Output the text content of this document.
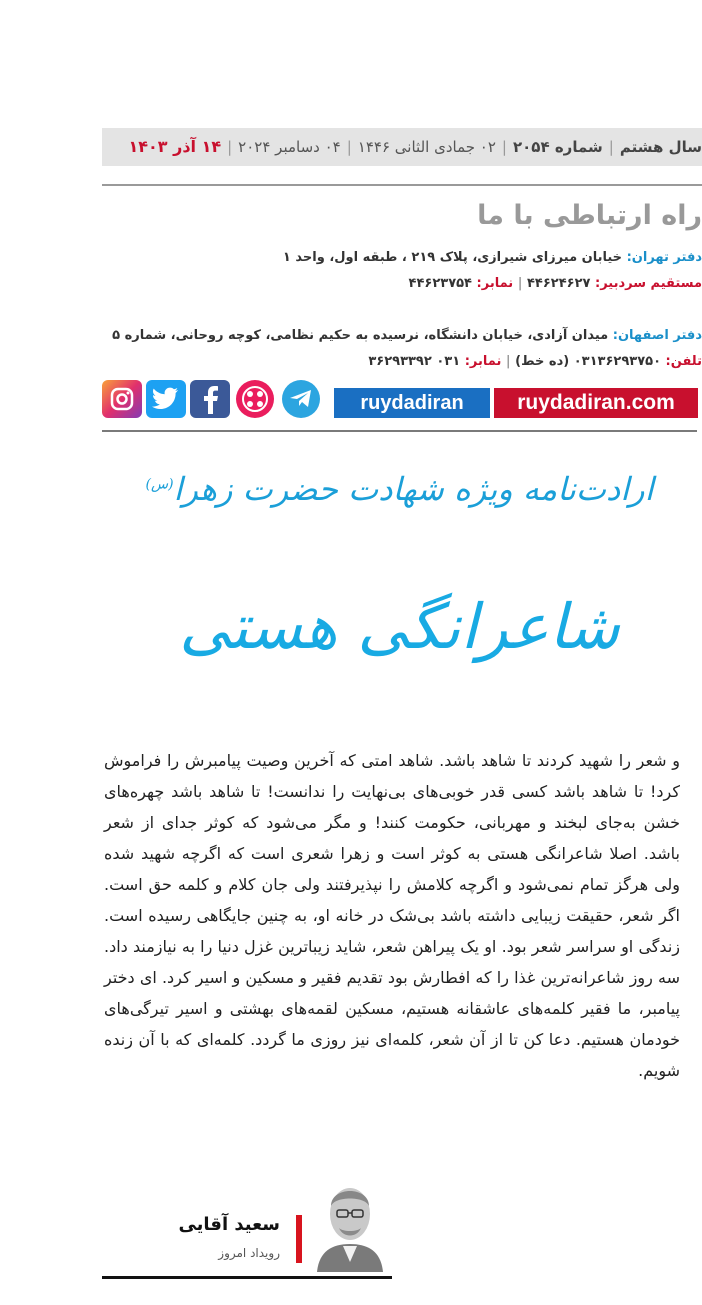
سال هشتم|شماره ۲۰۵۴|۰۲ جمادی الثانی ۱۴۴۶|۰۴ دسامبر ۲۰۲۴|۱۴ آذر ۱۴۰۳
راه ارتباطی با ما
دفتر تهران: خیابان میرزای شیرازی، پلاک ۲۱۹ ، طبقه اول، واحد ۱
مستقیم سردبیر: ۴۴۶۲۴۶۲۷ | نمابر: ۴۴۶۲۳۷۵۴
دفتر اصفهان: میدان آزادی، خیابان دانشگاه، نرسیده به حکیم نظامی، کوچه روحانی، شماره ۵
تلفن: ۰۳۱۳۶۲۹۳۷۵۰ (ده خط) | نمابر: ۰۳۱ ۳۶۲۹۳۳۹۲
ruydadiran	ruydadiran.com
ارادت‌نامه ویژه شهادت حضرت زهرا$^{(س)}$
شاعرانگی هستی

و شعر را شهید کردند تا شاهد باشد. شاهد امتی که آخرین وصیت پیامبرش را فراموش کرد! تا شاهد باشد کسی قدر خوبی‌های بی‌نهایت را ندانست! تا شاهد باشد چهره‌های خشن به‌جای لبخند و مهربانی، حکومت کنند! و مگر می‌شود که کوثر جدای از شعر باشد. اصلا شاعرانگی هستی به کوثر است و زهرا شعری است که اگرچه شهید شده ولی هرگز تمام نمی‌شود و اگرچه کلامش را نپذیرفتند ولی جان کلام و کلمه حق است. اگر شعر، حقیقت زیبایی داشته باشد بی‌شک در خانه او، به چنین جایگاهی رسیده است. زندگی او سراسر شعر بود. او یک پیراهن شعر، شاید زیباترین غزل دنیا را به نیازمند داد. سه روز شاعرانه‌ترین غذا را که افطارش بود تقدیم فقیر و مسکین و اسیر کرد. ای دختر پیامبر، ما فقیر کلمه‌های عاشقانه هستیم، مسکین لقمه‌های بهشتی و اسیر تیرگی‌های خودمان هستیم. دعا کن تا از آن شعر، کلمه‌ای نیز روزی ما گردد. کلمه‌ای که با آن زنده شویم.

سعید آقایی
رویداد امروز
